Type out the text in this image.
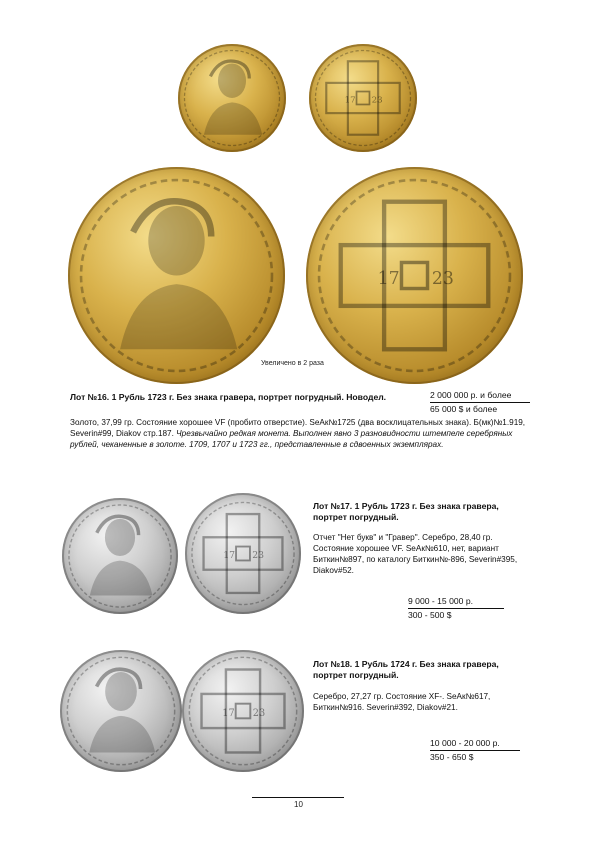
Увеличено в 2 раза
Лот №16. 1 Рубль 1723 г. Без знака гравера, портрет погрудный. Новодел.	2 000 000 р. и более
65 000 $ и более
Золото, 37,99 гр. Состояние хорошее VF (пробито отверстие). SеАк№1725 (два восклицательных знака). Б(мк)№1.919, Severin#99, Diakov стр.187. Чрезвычайно редкая монета. Выполнен явно 3 разновидности штемпеле серебряных рублей, чеканенные в золоте. 1709, 1707 и 1723 гг., представленные в сдвоенных экземплярах.
Лот №17. 1 Рубль 1723 г. Без знака гравера, портрет погрудный.
Отчет "Нет букв" и "Гравер". Серебро, 28,40 гр. Состояние хорошее VF. SеАк№610, нет, вариант Биткин№897, по каталогу Биткин№-896, Severin#395, Diakov#52.
9 000 - 15 000 р.
300 - 500 $
Лот №18. 1 Рубль 1724 г. Без знака гравера, портрет погрудный.
Серебро, 27,27 гр. Состояние XF-. SеАк№617, Биткин№916. Severin#392, Diakov#21.
10 000 - 20 000 р.
350 - 650 $
10
